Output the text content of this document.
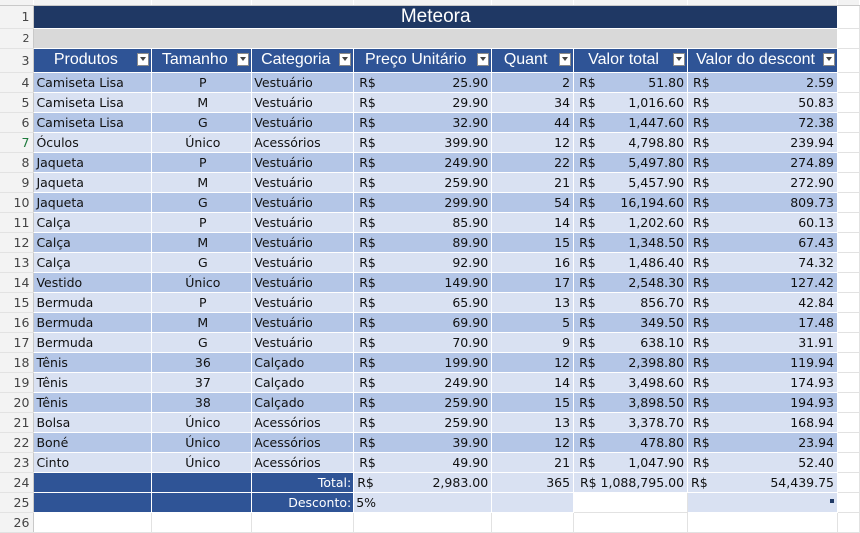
1	Meteora							
2								
3	Produtos	Tamanho	Categoria	Preço Unitário	Quant	Valor total	Valor do descont

4	Camiseta Lisa	P	Vestuário	R$ 25.90	2	R$ 51.80	R$ 2.59	

5	Camiseta Lisa	M	Vestuário	R$ 29.90	34	R$ 1,016.60	R$ 50.83	

6	Camiseta Lisa	G	Vestuário	R$ 32.90	44	R$ 1,447.60	R$ 72.38	

7	Óculos	Único	Acessórios	R$ 399.90	12	R$ 4,798.80	R$ 239.94	

8	Jaqueta	P	Vestuário	R$ 249.90	22	R$ 5,497.80	R$ 274.89	

9	Jaqueta	M	Vestuário	R$ 259.90	21	R$ 5,457.90	R$ 272.90	

10	Jaqueta	G	Vestuário	R$ 299.90	54	R$ 16,194.60	R$ 809.73	

11	Calça	P	Vestuário	R$ 85.90	14	R$ 1,202.60	R$ 60.13	

12	Calça	M	Vestuário	R$ 89.90	15	R$ 1,348.50	R$ 67.43	

13	Calça	G	Vestuário	R$ 92.90	16	R$ 1,486.40	R$ 74.32	

14	Vestido	Único	Vestuário	R$ 149.90	17	R$ 2,548.30	R$ 127.42	

15	Bermuda	P	Vestuário	R$ 65.90	13	R$ 856.70	R$ 42.84	

16	Bermuda	M	Vestuário	R$ 69.90	5	R$ 349.50	R$ 17.48	

17	Bermuda	G	Vestuário	R$ 70.90	9	R$ 638.10	R$ 31.91	

18	Tênis	36	Calçado	R$ 199.90	12	R$ 2,398.80	R$ 119.94	

19	Tênis	37	Calçado	R$ 249.90	14	R$ 3,498.60	R$ 174.93	

20	Tênis	38	Calçado	R$ 259.90	15	R$ 3,898.50	R$ 194.93	

21	Bolsa	Único	Acessórios	R$ 259.90	13	R$ 3,378.70	R$ 168.94	

22	Boné	Único	Acessórios	R$ 39.90	12	R$ 478.80	R$ 23.94	

23	Cinto	Único	Acessórios	R$ 49.90	21	R$ 1,047.90	R$ 52.40	

24			Total:	R$ 2,983.00	365	R$ 1,088,795.00	R$ 54,439.75	

25			Desconto:	5%				
26								
